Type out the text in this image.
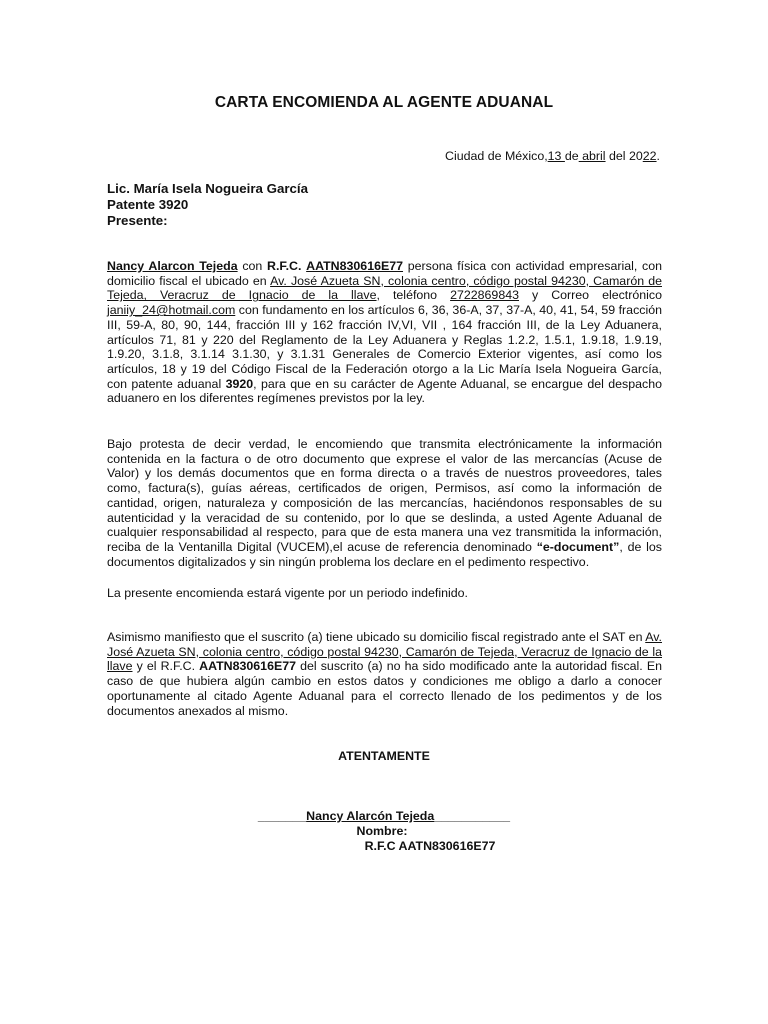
CARTA ENCOMIENDA AL AGENTE ADUANAL
Ciudad de México,13 de abril del 2022.
Lic. María Isela Nogueira García
Patente 3920
Presente:

Nancy Alarcon Tejeda con R.F.C. AATN830616E77 persona física con actividad empresarial, con domicilio fiscal el ubicado en Av. José Azueta SN, colonia centro, código postal 94230, Camarón de Tejeda, Veracruz de Ignacio de la llave, teléfono 2722869843 y Correo electrónico janiiy_24@hotmail.com con fundamento en los artículos 6, 36, 36-A, 37, 37-A, 40, 41, 54, 59 fracción III, 59-A, 80, 90, 144, fracción III y 162 fracción IV,VI, VII , 164 fracción III, de la Ley Aduanera, artículos 71, 81 y 220 del Reglamento de la Ley Aduanera y Reglas 1.2.2, 1.5.1, 1.9.18, 1.9.19, 1.9.20, 3.1.8, 3.1.14 3.1.30, y 3.1.31 Generales de Comercio Exterior vigentes, así como los artículos, 18 y 19 del Código Fiscal de la Federación otorgo a la Lic María Isela Nogueira García, con patente aduanal 3920, para que en su carácter de Agente Aduanal, se encargue del despacho aduanero en los diferentes regímenes previstos por la ley.

Bajo protesta de decir verdad, le encomiendo que transmita electrónicamente la información contenida en la factura o de otro documento que exprese el valor de las mercancías (Acuse de Valor) y los demás documentos que en forma directa o a través de nuestros proveedores, tales como, factura(s), guías aéreas, certificados de origen, Permisos, así como la información de cantidad, origen, naturaleza y composición de las mercancías, haciéndonos responsables de su autenticidad y la veracidad de su contenido, por lo que se deslinda, a usted Agente Aduanal de cualquier responsabilidad al respecto, para que de esta manera una vez transmitida la información, reciba de la Ventanilla Digital (VUCEM),el acuse de referencia denominado “e-document”, de los documentos digitalizados y sin ningún problema los declare en el pedimento respectivo.

La presente encomienda estará vigente por un periodo indefinido.

Asimismo manifiesto que el suscrito (a) tiene ubicado su domicilio fiscal registrado ante el SAT en Av. José Azueta SN, colonia centro, código postal 94230, Camarón de Tejeda, Veracruz de Ignacio de la llave y el R.F.C. AATN830616E77 del suscrito (a) no ha sido modificado ante la autoridad fiscal. En caso de que hubiera algún cambio en estos datos y condiciones me obligo a darlo a conocer oportunamente al citado Agente Aduanal para el correcto llenado de los pedimentos y de los documentos anexados al mismo.

ATENTAMENTE
_______Nancy Alarcón Tejeda___________
Nombre:
R.F.C AATN830616E77
